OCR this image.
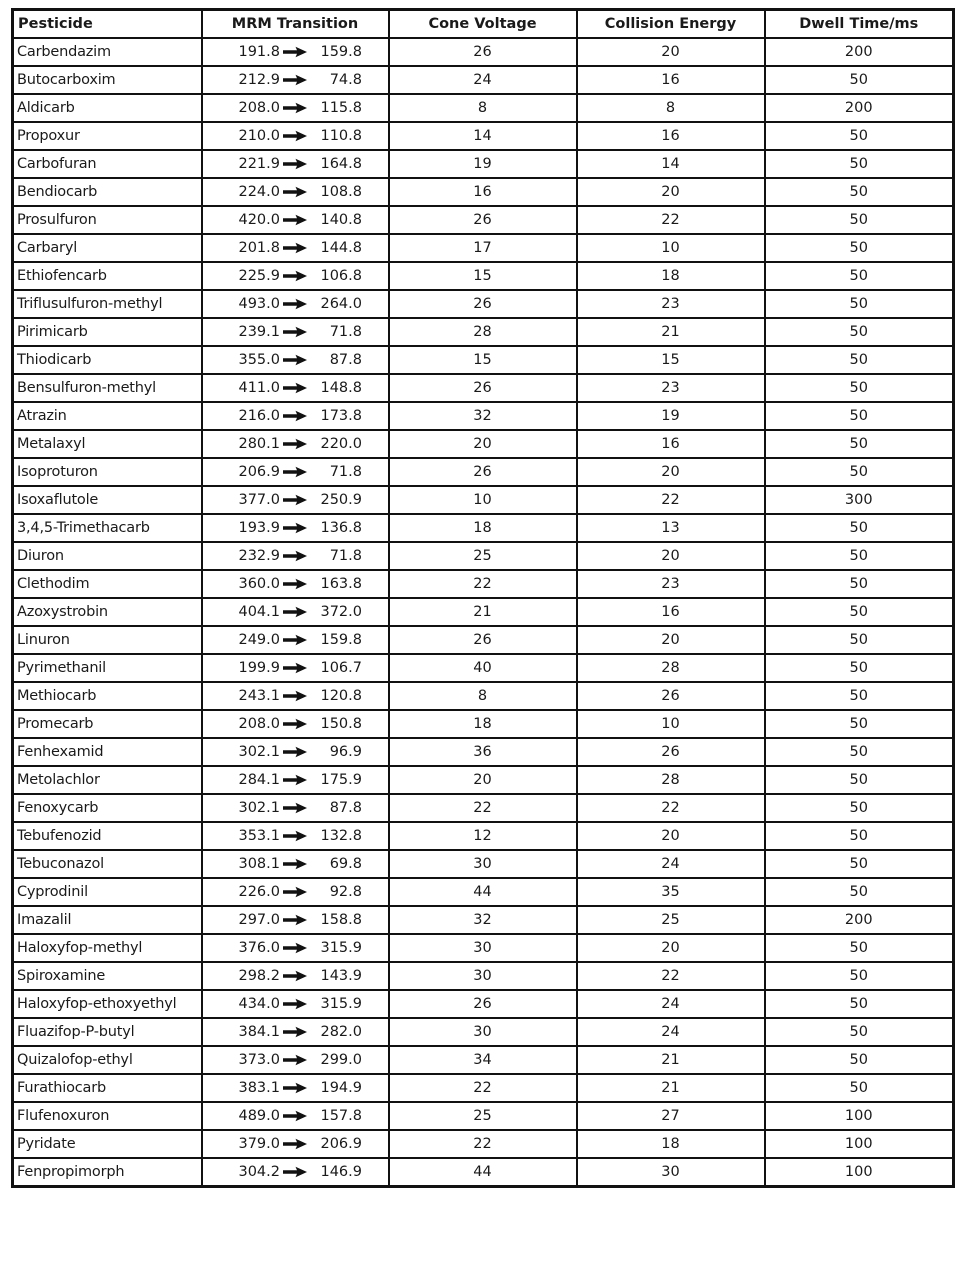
Pesticide	MRM Transition	Cone Voltage	Collision Energy	Dwell Time/ms
Carbendazim	191.8 159.8	26	20	200
Butocarboxim	212.9 74.8	24	16	50
Aldicarb	208.0 115.8	8	8	200
Propoxur	210.0 110.8	14	16	50
Carbofuran	221.9 164.8	19	14	50
Bendiocarb	224.0 108.8	16	20	50
Prosulfuron	420.0 140.8	26	22	50
Carbaryl	201.8 144.8	17	10	50
Ethiofencarb	225.9 106.8	15	18	50
Triflusulfuron-methyl	493.0 264.0	26	23	50
Pirimicarb	239.1 71.8	28	21	50
Thiodicarb	355.0 87.8	15	15	50
Bensulfuron-methyl	411.0 148.8	26	23	50
Atrazin	216.0 173.8	32	19	50
Metalaxyl	280.1 220.0	20	16	50
Isoproturon	206.9 71.8	26	20	50
Isoxaflutole	377.0 250.9	10	22	300
3,4,5-Trimethacarb	193.9 136.8	18	13	50
Diuron	232.9 71.8	25	20	50
Clethodim	360.0 163.8	22	23	50
Azoxystrobin	404.1 372.0	21	16	50
Linuron	249.0 159.8	26	20	50
Pyrimethanil	199.9 106.7	40	28	50
Methiocarb	243.1 120.8	8	26	50
Promecarb	208.0 150.8	18	10	50
Fenhexamid	302.1 96.9	36	26	50
Metolachlor	284.1 175.9	20	28	50
Fenoxycarb	302.1 87.8	22	22	50
Tebufenozid	353.1 132.8	12	20	50
Tebuconazol	308.1 69.8	30	24	50
Cyprodinil	226.0 92.8	44	35	50
Imazalil	297.0 158.8	32	25	200
Haloxyfop-methyl	376.0 315.9	30	20	50
Spiroxamine	298.2 143.9	30	22	50
Haloxyfop-ethoxyethyl	434.0 315.9	26	24	50
Fluazifop-P-butyl	384.1 282.0	30	24	50
Quizalofop-ethyl	373.0 299.0	34	21	50
Furathiocarb	383.1 194.9	22	21	50
Flufenoxuron	489.0 157.8	25	27	100
Pyridate	379.0 206.9	22	18	100
Fenpropimorph	304.2 146.9	44	30	100
